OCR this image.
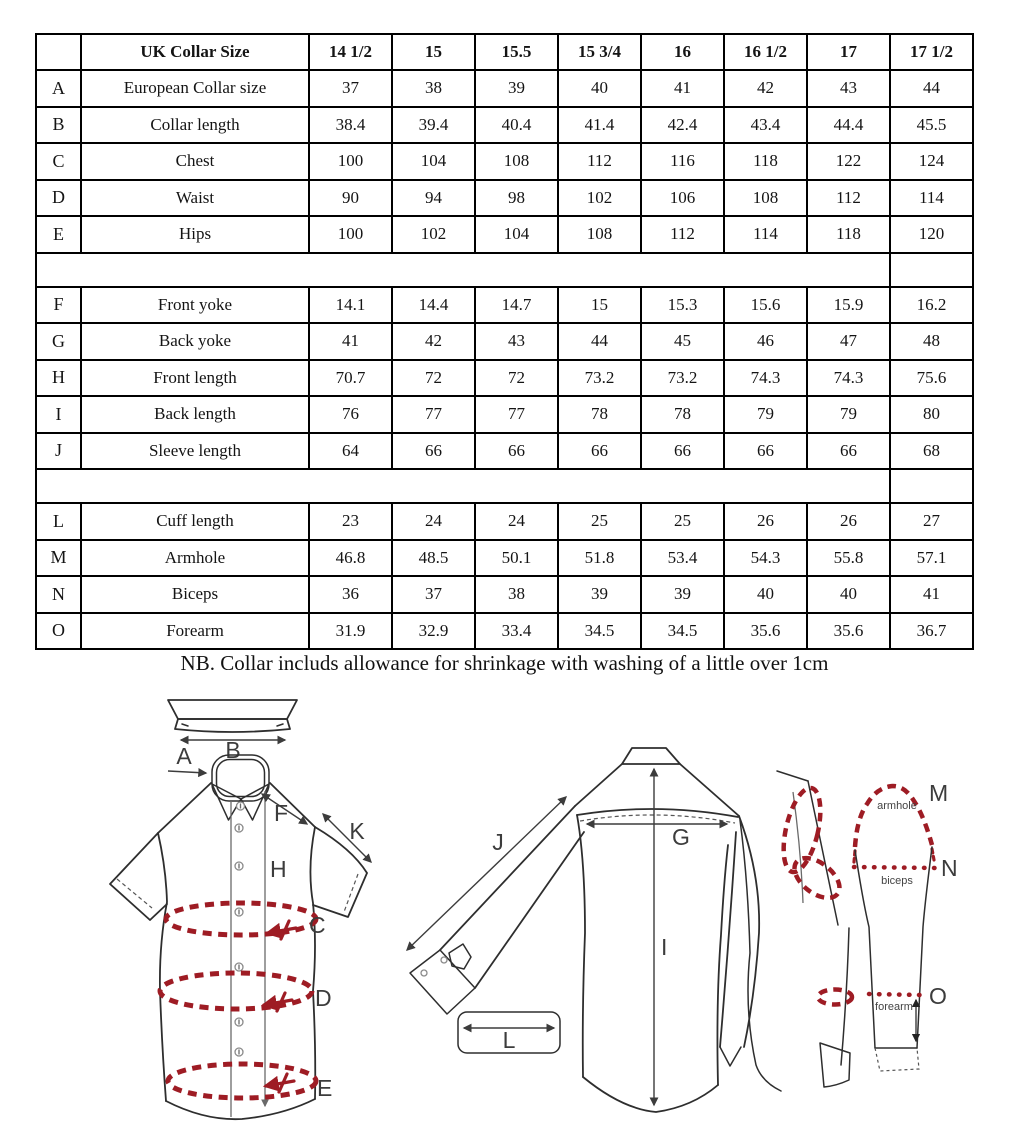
	UK Collar Size	14 1/2	15	15.5	15 3/4	16	16 1/2	17	17 1/2
A	European Collar size	37	38	39	40	41	42	43	44
B	Collar length	38.4	39.4	40.4	41.4	42.4	43.4	44.4	45.5
C	Chest	100	104	108	112	116	118	122	124
D	Waist	90	94	98	102	106	108	112	114
E	Hips	100	102	104	108	112	114	118	120

F	Front yoke	14.1	14.4	14.7	15	15.3	15.6	15.9	16.2
G	Back yoke	41	42	43	44	45	46	47	48
H	Front length	70.7	72	72	73.2	73.2	74.3	74.3	75.6
I	Back length	76	77	77	78	78	79	79	80
J	Sleeve length	64	66	66	66	66	66	66	68

L	Cuff length	23	24	24	25	25	26	26	27
M	Armhole	46.8	48.5	50.1	51.8	53.4	54.3	55.8	57.1
N	Biceps	36	37	38	39	39	40	40	41
O	Forearm	31.9	32.9	33.4	34.5	34.5	35.6	35.6	36.7
NB. Collar includs allowance for shrinkage with washing of a little over 1cm
B
A
H
F
K
C
D
E
J	G
I
L
armhole
biceps
forearm
M
N
O
